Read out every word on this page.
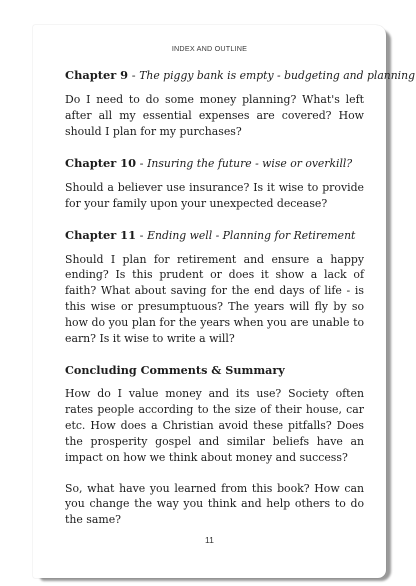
INDEX AND OUTLINE
Chapter 9 - The piggy bank is empty - budgeting and planning

Do I need to do some money planning? What's left after all my essential expenses are covered? How should I plan for my purchases?

Chapter 10 - Insuring the future - wise or overkill?

Should a believer use insurance? Is it wise to provide for your family upon your unexpected decease?

Chapter 11 - Ending well - Planning for Retirement

Should I plan for retirement and ensure a happy ending? Is this prudent or does it show a lack of faith? What about saving for the end days of life - is this wise or presumptuous? The years will fly by so how do you plan for the years when you are unable to earn? Is it wise to write a will?

Concluding Comments & Summary

How do I value money and its use? Society often rates people according to the size of their house, car etc. How does a Christian avoid these pitfalls? Does the prosperity gospel and similar beliefs have an impact on how we think about money and success?

So, what have you learned from this book? How can you change the way you think and help others to do the same?

11
